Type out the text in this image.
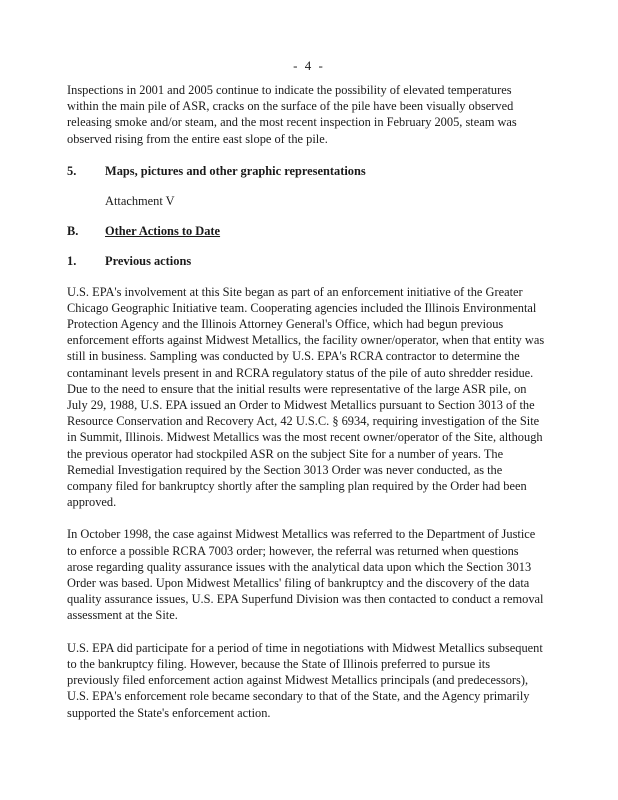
- 4 -

Inspections in 2001 and 2005 continue to indicate the possibility of elevated temperatures within the main pile of ASR, cracks on the surface of the pile have been visually observed releasing smoke and/or steam, and the most recent inspection in February 2005, steam was observed rising from the entire east slope of the pile.

5.	Maps, pictures and other graphic representations

Attachment V

B.	Other Actions to Date
1.	Previous actions

U.S. EPA's involvement at this Site began as part of an enforcement initiative of the Greater Chicago Geographic Initiative team. Cooperating agencies included the Illinois Environmental Protection Agency and the Illinois Attorney General's Office, which had begun previous enforcement efforts against Midwest Metallics, the facility owner/operator, when that entity was still in business. Sampling was conducted by U.S. EPA's RCRA contractor to determine the contaminant levels present in and RCRA regulatory status of the pile of auto shredder residue. Due to the need to ensure that the initial results were representative of the large ASR pile, on July 29, 1988, U.S. EPA issued an Order to Midwest Metallics pursuant to Section 3013 of the Resource Conservation and Recovery Act, 42 U.S.C. § 6934, requiring investigation of the Site in Summit, Illinois. Midwest Metallics was the most recent owner/operator of the Site, although the previous operator had stockpiled ASR on the subject Site for a number of years. The Remedial Investigation required by the Section 3013 Order was never conducted, as the company filed for bankruptcy shortly after the sampling plan required by the Order had been approved.

In October 1998, the case against Midwest Metallics was referred to the Department of Justice to enforce a possible RCRA 7003 order; however, the referral was returned when questions arose regarding quality assurance issues with the analytical data upon which the Section 3013 Order was based. Upon Midwest Metallics' filing of bankruptcy and the discovery of the data quality assurance issues, U.S. EPA Superfund Division was then contacted to conduct a removal assessment at the Site.

U.S. EPA did participate for a period of time in negotiations with Midwest Metallics subsequent to the bankruptcy filing. However, because the State of Illinois preferred to pursue its previously filed enforcement action against Midwest Metallics principals (and predecessors), U.S. EPA's enforcement role became secondary to that of the State, and the Agency primarily supported the State's enforcement action.
